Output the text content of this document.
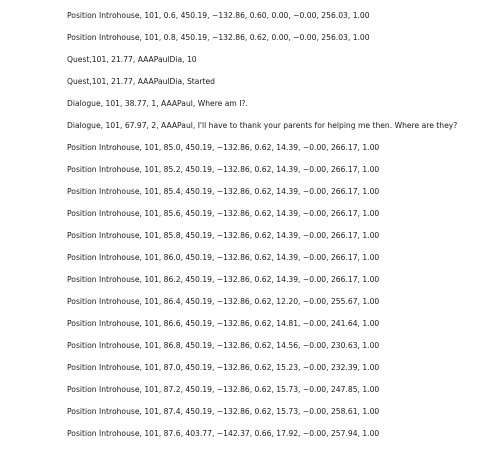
Position Introhouse, 101, 0.6, 450.19, −132.86, 0.60, 0.00, −0.00, 256.03, 1.00
Position Introhouse, 101, 0.8, 450.19, −132.86, 0.62, 0.00, −0.00, 256.03, 1.00
Quest,101, 21.77, AAAPaulDia, 10
Quest,101, 21.77, AAAPaulDia, Started
Dialogue, 101, 38.77, 1, AAAPaul, Where am I?.
Dialogue, 101, 67.97, 2, AAAPaul, I'll have to thank your parents for helping me then. Where are they?
Position Introhouse, 101, 85.0, 450.19, −132.86, 0.62, 14.39, −0.00, 266.17, 1.00
Position Introhouse, 101, 85.2, 450.19, −132.86, 0.62, 14.39, −0.00, 266.17, 1.00
Position Introhouse, 101, 85.4, 450.19, −132.86, 0.62, 14.39, −0.00, 266.17, 1.00
Position Introhouse, 101, 85.6, 450.19, −132.86, 0.62, 14.39, −0.00, 266.17, 1.00
Position Introhouse, 101, 85.8, 450.19, −132.86, 0.62, 14.39, −0.00, 266.17, 1.00
Position Introhouse, 101, 86.0, 450.19, −132.86, 0.62, 14.39, −0.00, 266.17, 1.00
Position Introhouse, 101, 86.2, 450.19, −132.86, 0.62, 14.39, −0.00, 266.17, 1.00
Position Introhouse, 101, 86.4, 450.19, −132.86, 0.62, 12.20, −0.00, 255.67, 1.00
Position Introhouse, 101, 86.6, 450.19, −132.86, 0.62, 14.81, −0.00, 241.64, 1.00
Position Introhouse, 101, 86.8, 450.19, −132.86, 0.62, 14.56, −0.00, 230.63, 1.00
Position Introhouse, 101, 87.0, 450.19, −132.86, 0.62, 15.23, −0.00, 232.39, 1.00
Position Introhouse, 101, 87.2, 450.19, −132.86, 0.62, 15.73, −0.00, 247.85, 1.00
Position Introhouse, 101, 87.4, 450.19, −132.86, 0.62, 15.73, −0.00, 258.61, 1.00
Position Introhouse, 101, 87.6, 403.77, −142.37, 0.66, 17.92, −0.00, 257.94, 1.00
